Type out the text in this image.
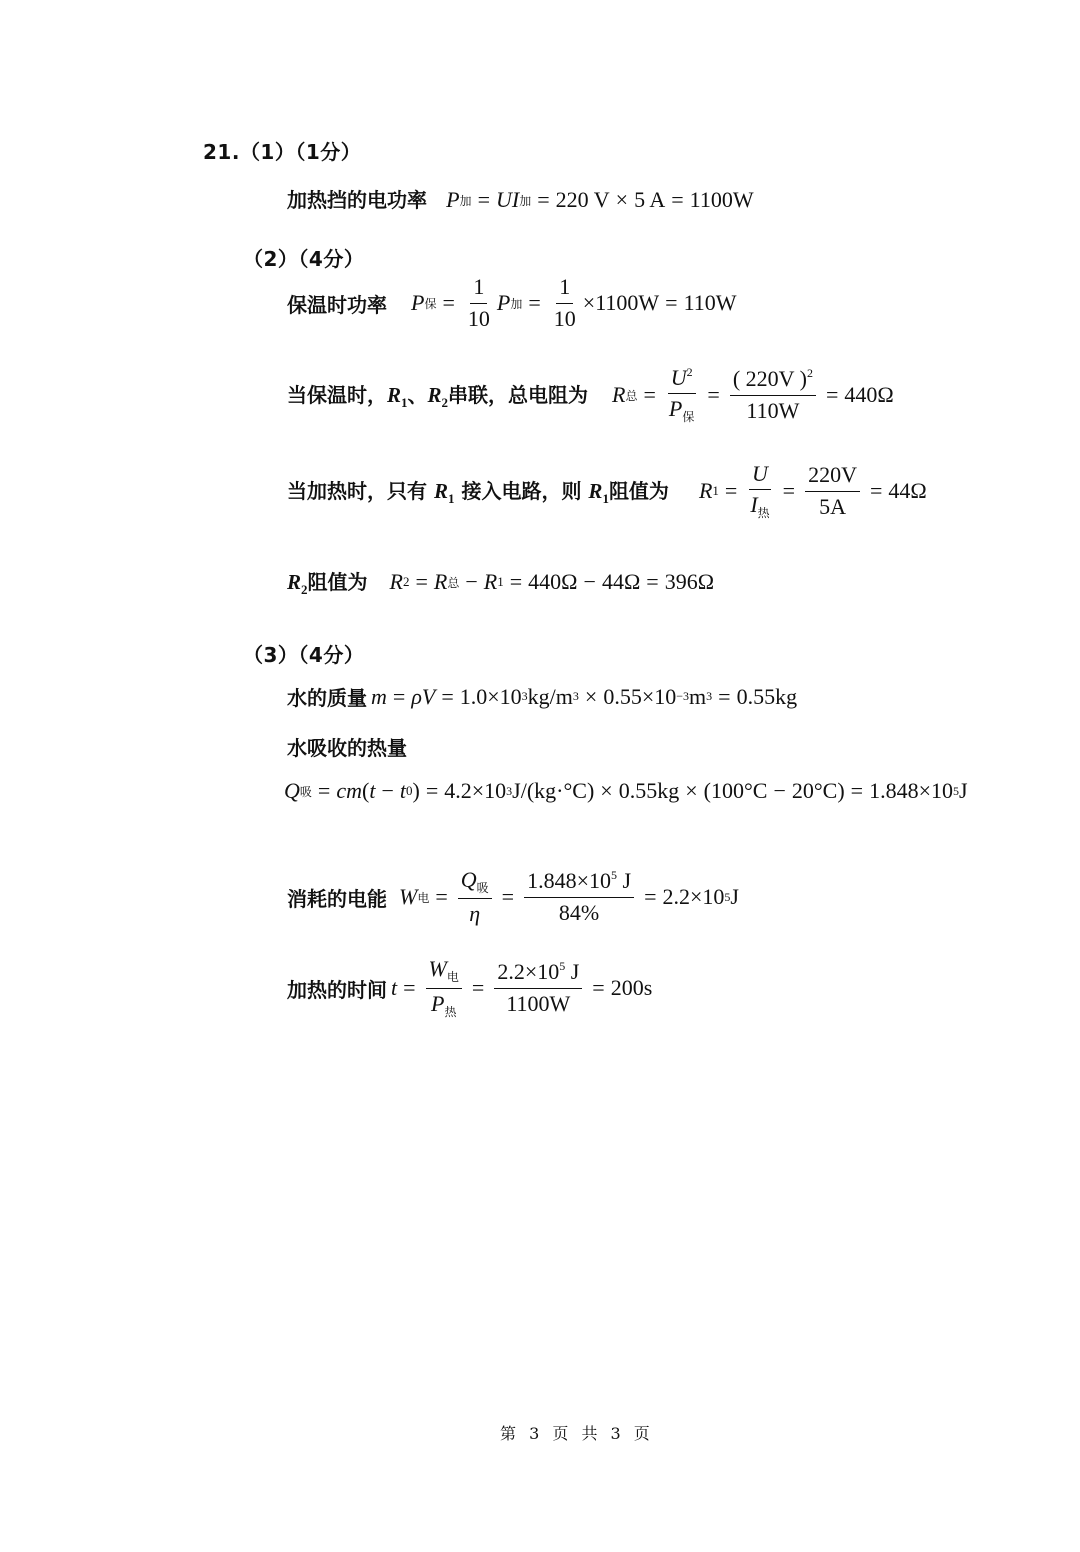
21.（1）（1分）
加热挡的电功率 P 加 = UI 加 = 220 V × 5 A = 1100W
（2）（4分）
保温时功率 P 保 = $\frac{1}{10}$ P 加 = $\frac{1}{10} \times 1100W = 110W$
当保温时，$R_1$、$R_2$串联，总电阻为 R 总 = $\frac{U^2}{P_保} = \frac{( 220V )^2}{110W} = 440\Omega$
当加热时，只有 $R_1$ 接入电路，则 $R_1$阻值为 R $1 = \frac{U}{I_热} = \frac{220V}{5A} = 44\Omega$
$R_2$阻值为 R 2 = R 总 − R 1 = 440Ω − 44Ω = 396Ω
（3）（4分）
水的质量 m = ρV = 1.0×10 3 kg/m 3 × 0.55×10 −3 m 3 = 0.55kg
水吸收的热量
Q 吸 = cm ( t − t 0 ) = 4.2×10 3 J/(kg·°C) × 0.55kg × (100°C − 20°C) = 1.848×10 5 J
消耗的电能 W 电 = $\frac{Q_吸}{\eta} = \frac{1.848\times 10^5 J}{84\%} = 2.2\times 10$ 5 J
加热的时间 $t = \frac{W_电}{P_热} = \frac{2.2\times 10^5 J}{1100W} = 200s$
第 3 页 共 3 页
